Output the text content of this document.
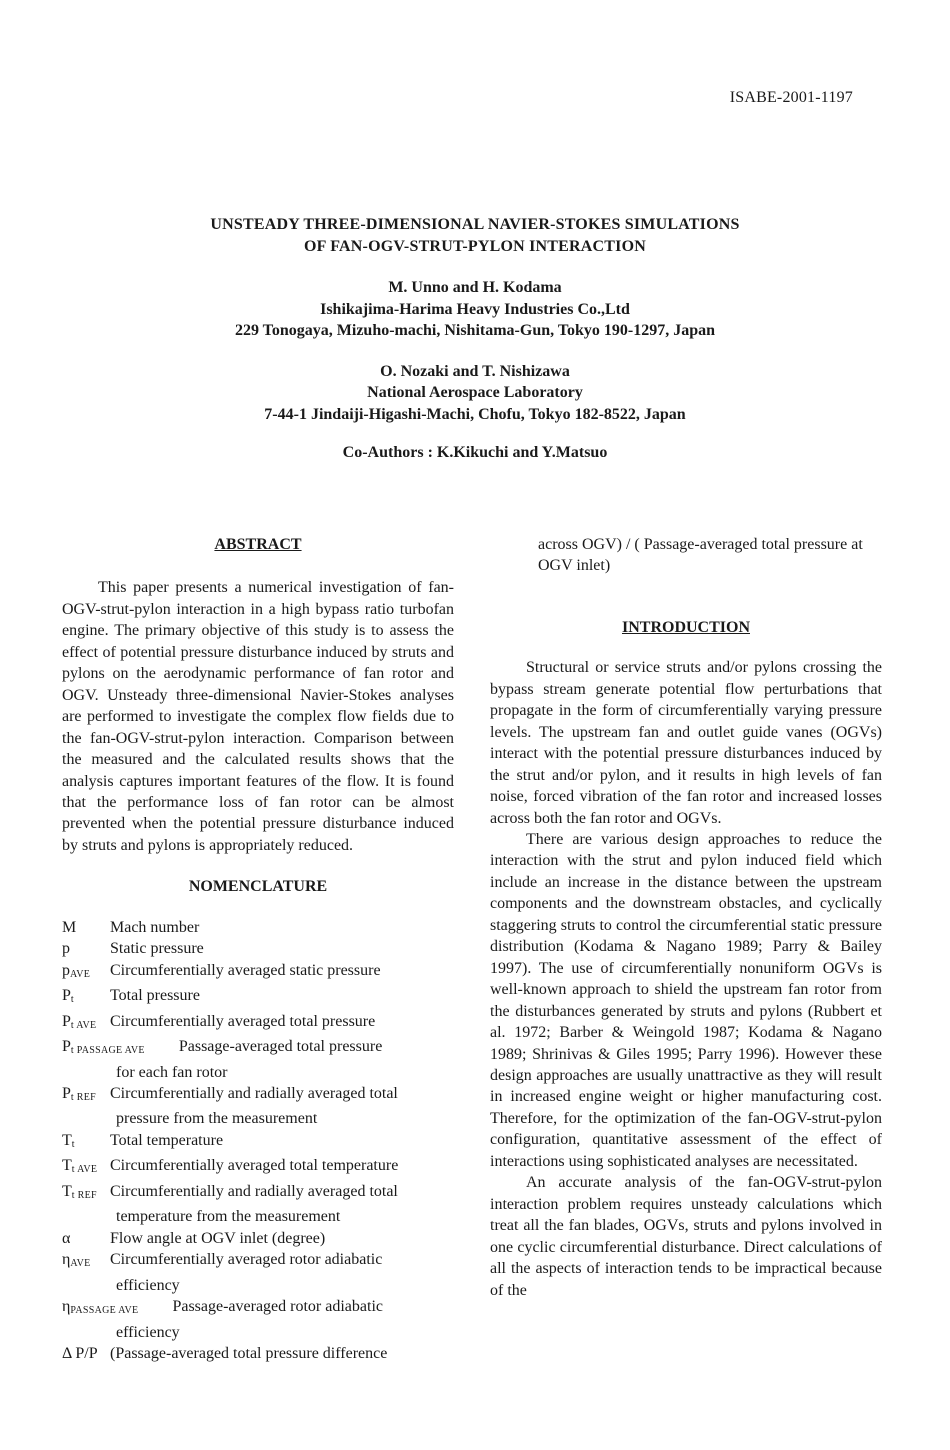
ISABE-2001-1197
UNSTEADY THREE-DIMENSIONAL NAVIER-STOKES SIMULATIONS
OF FAN-OGV-STRUT-PYLON INTERACTION
M. Unno and H. Kodama
Ishikajima-Harima Heavy Industries Co.,Ltd
229 Tonogaya, Mizuho-machi, Nishitama-Gun, Tokyo 190-1297, Japan
O. Nozaki and T. Nishizawa
National Aerospace Laboratory
7-44-1 Jindaiji-Higashi-Machi, Chofu, Tokyo 182-8522, Japan
Co-Authors : K.Kikuchi and Y.Matsuo
ABSTRACT

This paper presents a numerical investigation of fan-OGV-strut-pylon interaction in a high bypass ratio turbofan engine. The primary objective of this study is to assess the effect of potential pressure disturbance induced by struts and pylons on the aerodynamic performance of fan rotor and OGV. Unsteady three-dimensional Navier-Stokes analyses are performed to investigate the complex flow fields due to the fan-OGV-strut-pylon interaction. Comparison between the measured and the calculated results shows that the analysis captures important features of the flow. It is found that the performance loss of fan rotor can be almost prevented when the potential pressure disturbance induced by struts and pylons is appropriately reduced.

NOMENCLATURE
M	Mach number
p	Static pressure
$p_{AVE}$	Circumferentially averaged static pressure
$P_t$	Total pressure
$P_{t AVE}$ Circumferentially averaged total pressure
$P_{t PASSAGE AVE}$ Passage-averaged total pressure
for each fan rotor
$P_{t REF}$ Circumferentially and radially averaged total
pressure from the measurement
$T_t$	Total temperature
$T_{t AVE}$ Circumferentially averaged total temperature
$T_{t REF}$ Circumferentially and radially averaged total
temperature from the measurement
α	Flow angle at OGV inlet (degree)
$\eta_{AVE}$	Circumferentially averaged rotor adiabatic
efficiency
$\eta_{PASSAGE AVE}$ Passage-averaged rotor adiabatic
efficiency
Δ P/P (Passage-averaged total pressure difference

across OGV) / ( Passage-averaged total pressure at OGV inlet)

INTRODUCTION

Structural or service struts and/or pylons crossing the bypass stream generate potential flow perturbations that propagate in the form of circumferentially varying pressure levels. The upstream fan and outlet guide vanes (OGVs) interact with the potential pressure disturbances induced by the strut and/or pylon, and it results in high levels of fan noise, forced vibration of the fan rotor and increased losses across both the fan rotor and OGVs.

There are various design approaches to reduce the interaction with the strut and pylon induced field which include an increase in the distance between the upstream components and the downstream obstacles, and cyclically staggering struts to control the circumferential static pressure distribution (Kodama & Nagano 1989; Parry & Bailey 1997). The use of circumferentially nonuniform OGVs is well-known approach to shield the upstream fan rotor from the disturbances generated by struts and pylons (Rubbert et al. 1972; Barber & Weingold 1987; Kodama & Nagano 1989; Shrinivas & Giles 1995; Parry 1996). However these design approaches are usually unattractive as they will result in increased engine weight or higher manufacturing cost. Therefore, for the optimization of the fan-OGV-strut-pylon configuration, quantitative assessment of the effect of interactions using sophisticated analyses are necessitated.

An accurate analysis of the fan-OGV-strut-pylon interaction problem requires unsteady calculations which treat all the fan blades, OGVs, struts and pylons involved in one cyclic circumferential disturbance. Direct calculations of all the aspects of interaction tends to be impractical because of the
